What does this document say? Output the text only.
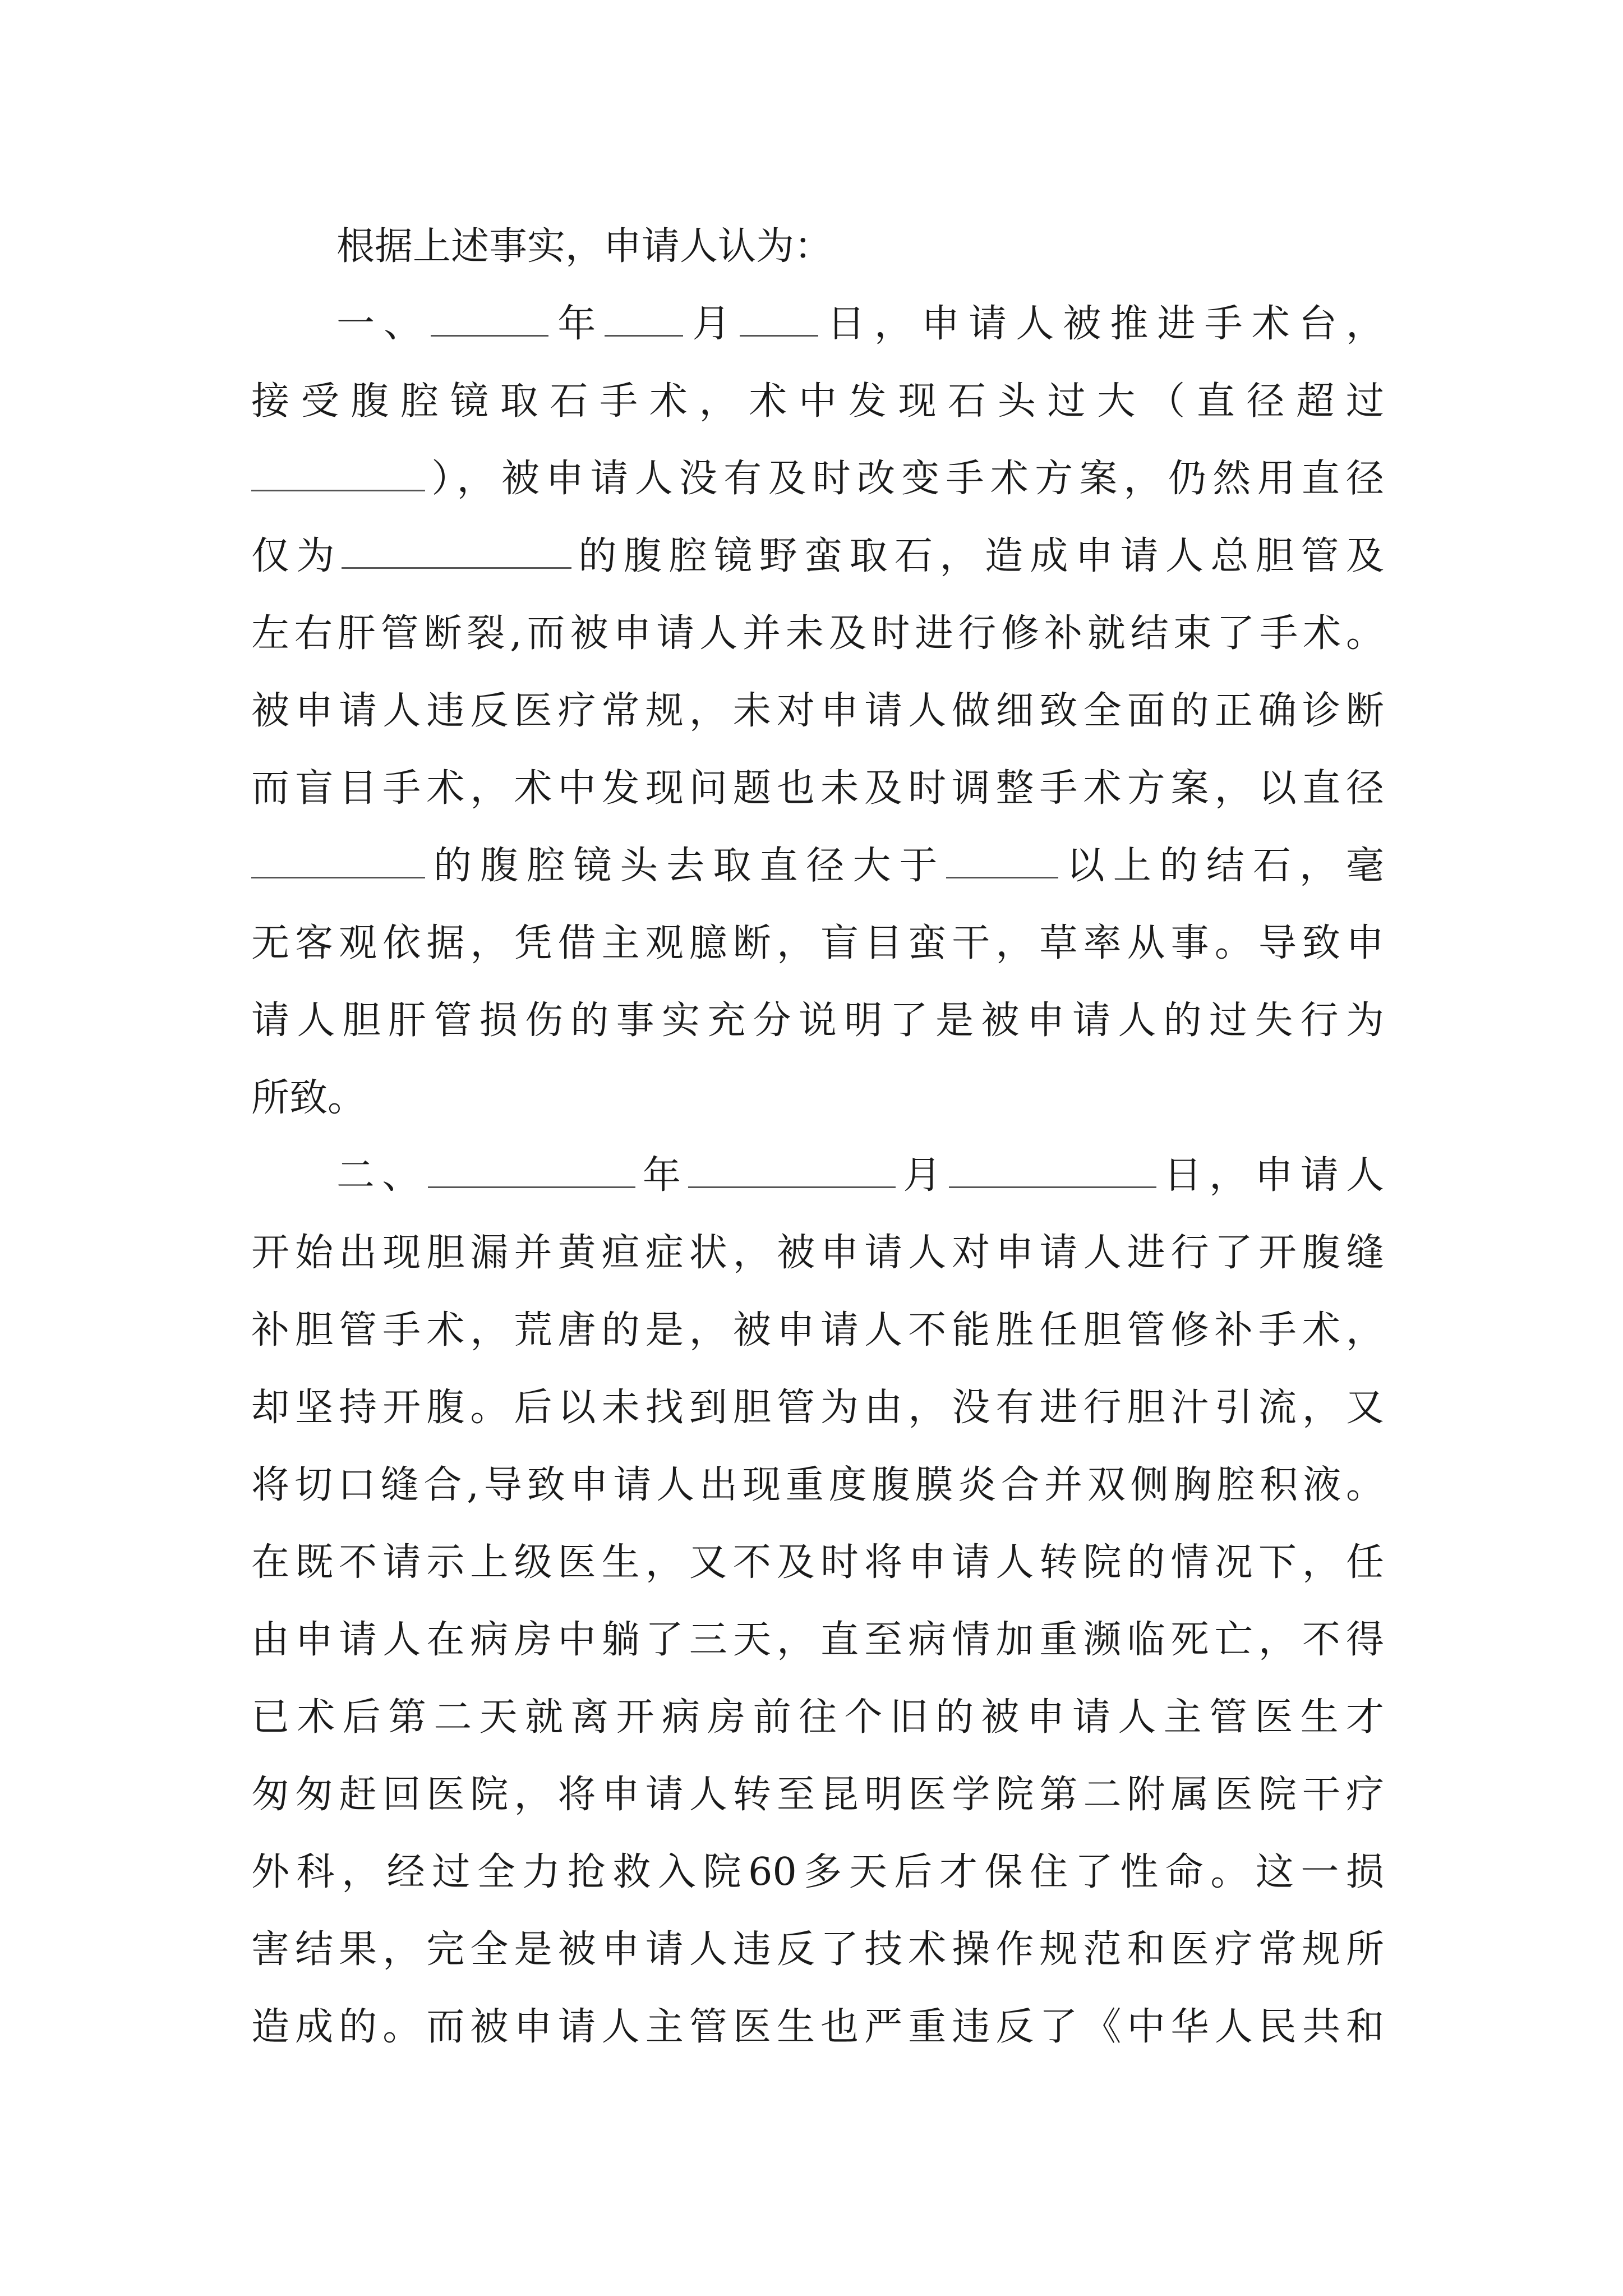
根据上述事实，申请人认为：
一、	年 月 日，申请人被推进手术台，
接受腹腔镜取石手术，术中发现石头过大（直径超过
），被申请人没有及时改变手术方案，仍然用直径
仅为	的腹腔镜野蛮取石，造成申请人总胆管及
左右肝管断裂,而被申请人并未及时进行修补就结束了手术。
被申请人违反医疗常规，未对申请人做细致全面的正确诊断
而盲目手术，术中发现问题也未及时调整手术方案，以直径
的腹腔镜头去取直径大于	以上的结石，毫
无客观依据，凭借主观臆断，盲目蛮干，草率从事。导致申
请人胆肝管损伤的事实充分说明了是被申请人的过失行为
所致。
二、	年	月	日，申请人
开始出现胆漏并黄疸症状，被申请人对申请人进行了开腹缝
补胆管手术，荒唐的是，被申请人不能胜任胆管修补手术，
却坚持开腹。后以未找到胆管为由，没有进行胆汁引流，又
将切口缝合,导致申请人出现重度腹膜炎合并双侧胸腔积液。
在既不请示上级医生，又不及时将申请人转院的情况下，任
由申请人在病房中躺了三天，直至病情加重濒临死亡，不得
已术后第二天就离开病房前往个旧的被申请人主管医生才
匆匆赶回医院，将申请人转至昆明医学院第二附属医院干疗
外科，经过全力抢救入院60多天后才保住了性命。这一损
害结果，完全是被申请人违反了技术操作规范和医疗常规所
造成的。而被申请人主管医生也严重违反了《中华人民共和
